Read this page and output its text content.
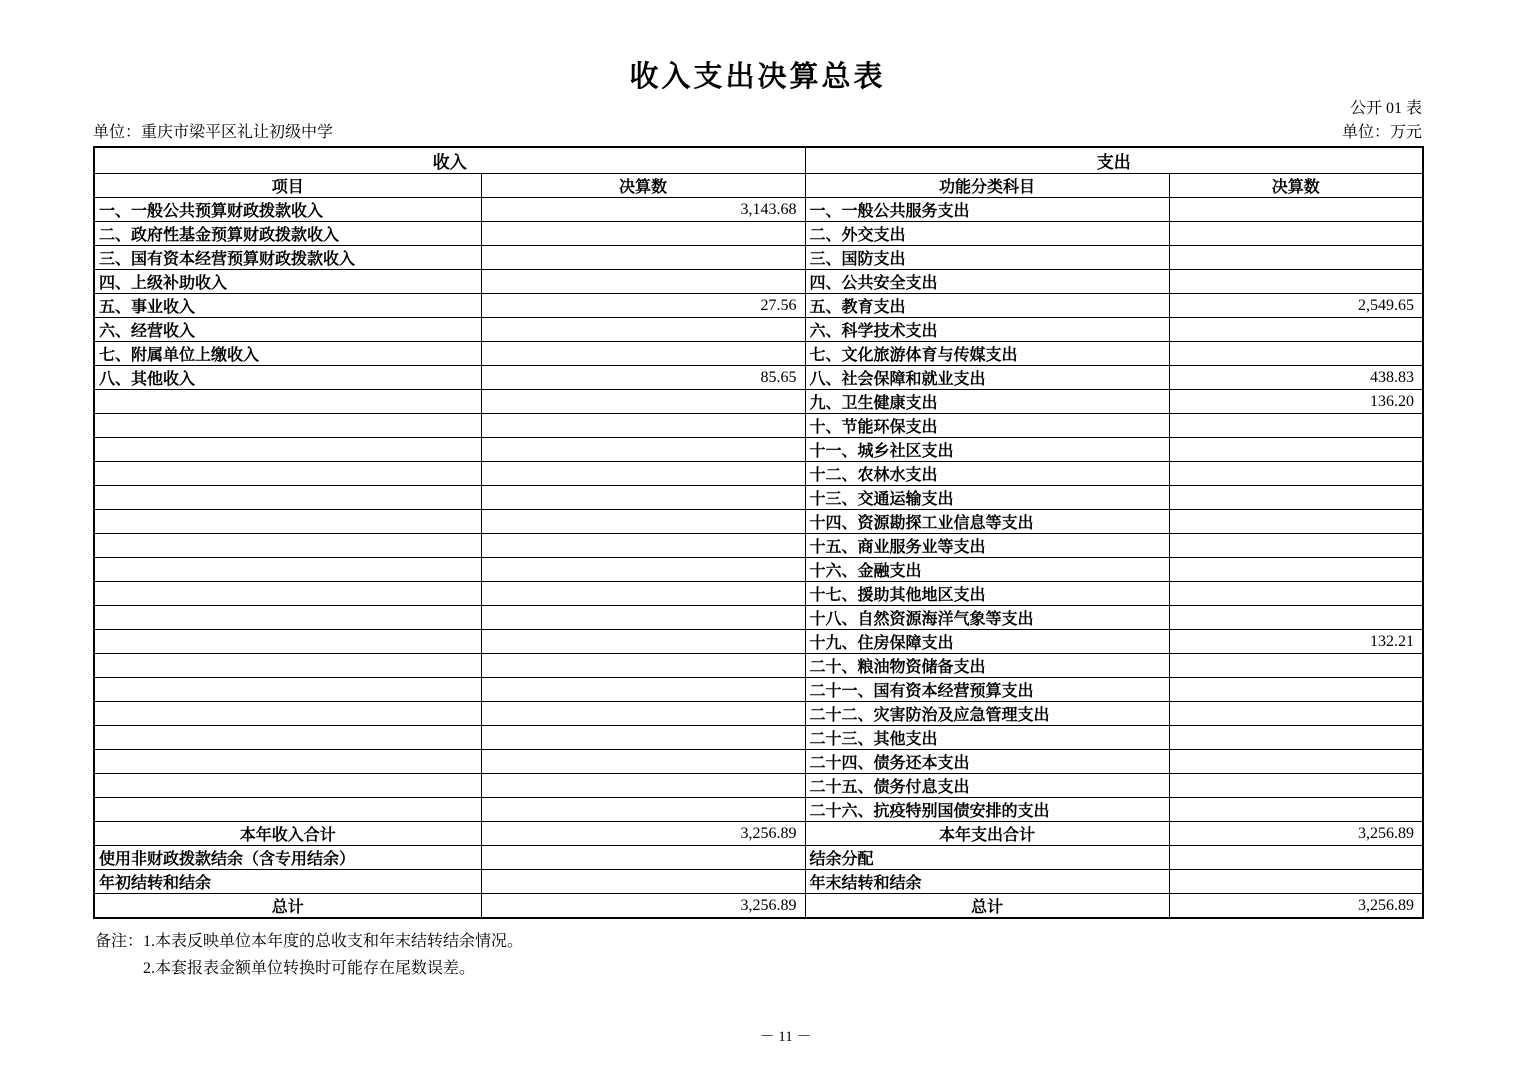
收入支出决算总表
公开 01 表
单位：重庆市梁平区礼让初级中学	单位：万元
收入		支出	
项目	决算数	功能分类科目	决算数
一、一般公共预算财政拨款收入	3,143.68	一、一般公共服务支出	
二、政府性基金预算财政拨款收入		二、外交支出	
三、国有资本经营预算财政拨款收入		三、国防支出	
四、上级补助收入		四、公共安全支出	
五、事业收入	27.56	五、教育支出	2,549.65
六、经营收入		六、科学技术支出	
七、附属单位上缴收入		七、文化旅游体育与传媒支出	
八、其他收入	85.65	八、社会保障和就业支出	438.83
		九、卫生健康支出	136.20
		十、节能环保支出	
		十一、城乡社区支出	
		十二、农林水支出	
		十三、交通运输支出	
		十四、资源勘探工业信息等支出	
		十五、商业服务业等支出	
		十六、金融支出	
		十七、援助其他地区支出	
		十八、自然资源海洋气象等支出	
		十九、住房保障支出	132.21
		二十、粮油物资储备支出	
		二十一、国有资本经营预算支出	
		二十二、灾害防治及应急管理支出	
		二十三、其他支出	
		二十四、债务还本支出	
		二十五、债务付息支出	
		二十六、抗疫特别国债安排的支出	
本年收入合计	3,256.89	本年支出合计	3,256.89
使用非财政拨款结余（含专用结余）		结余分配	
年初结转和结余		年末结转和结余	
总计	3,256.89	总计	3,256.89
备注：1.本表反映单位本年度的总收支和年末结转结余情况。
2.本套报表金额单位转换时可能存在尾数误差。
－ 11 －
